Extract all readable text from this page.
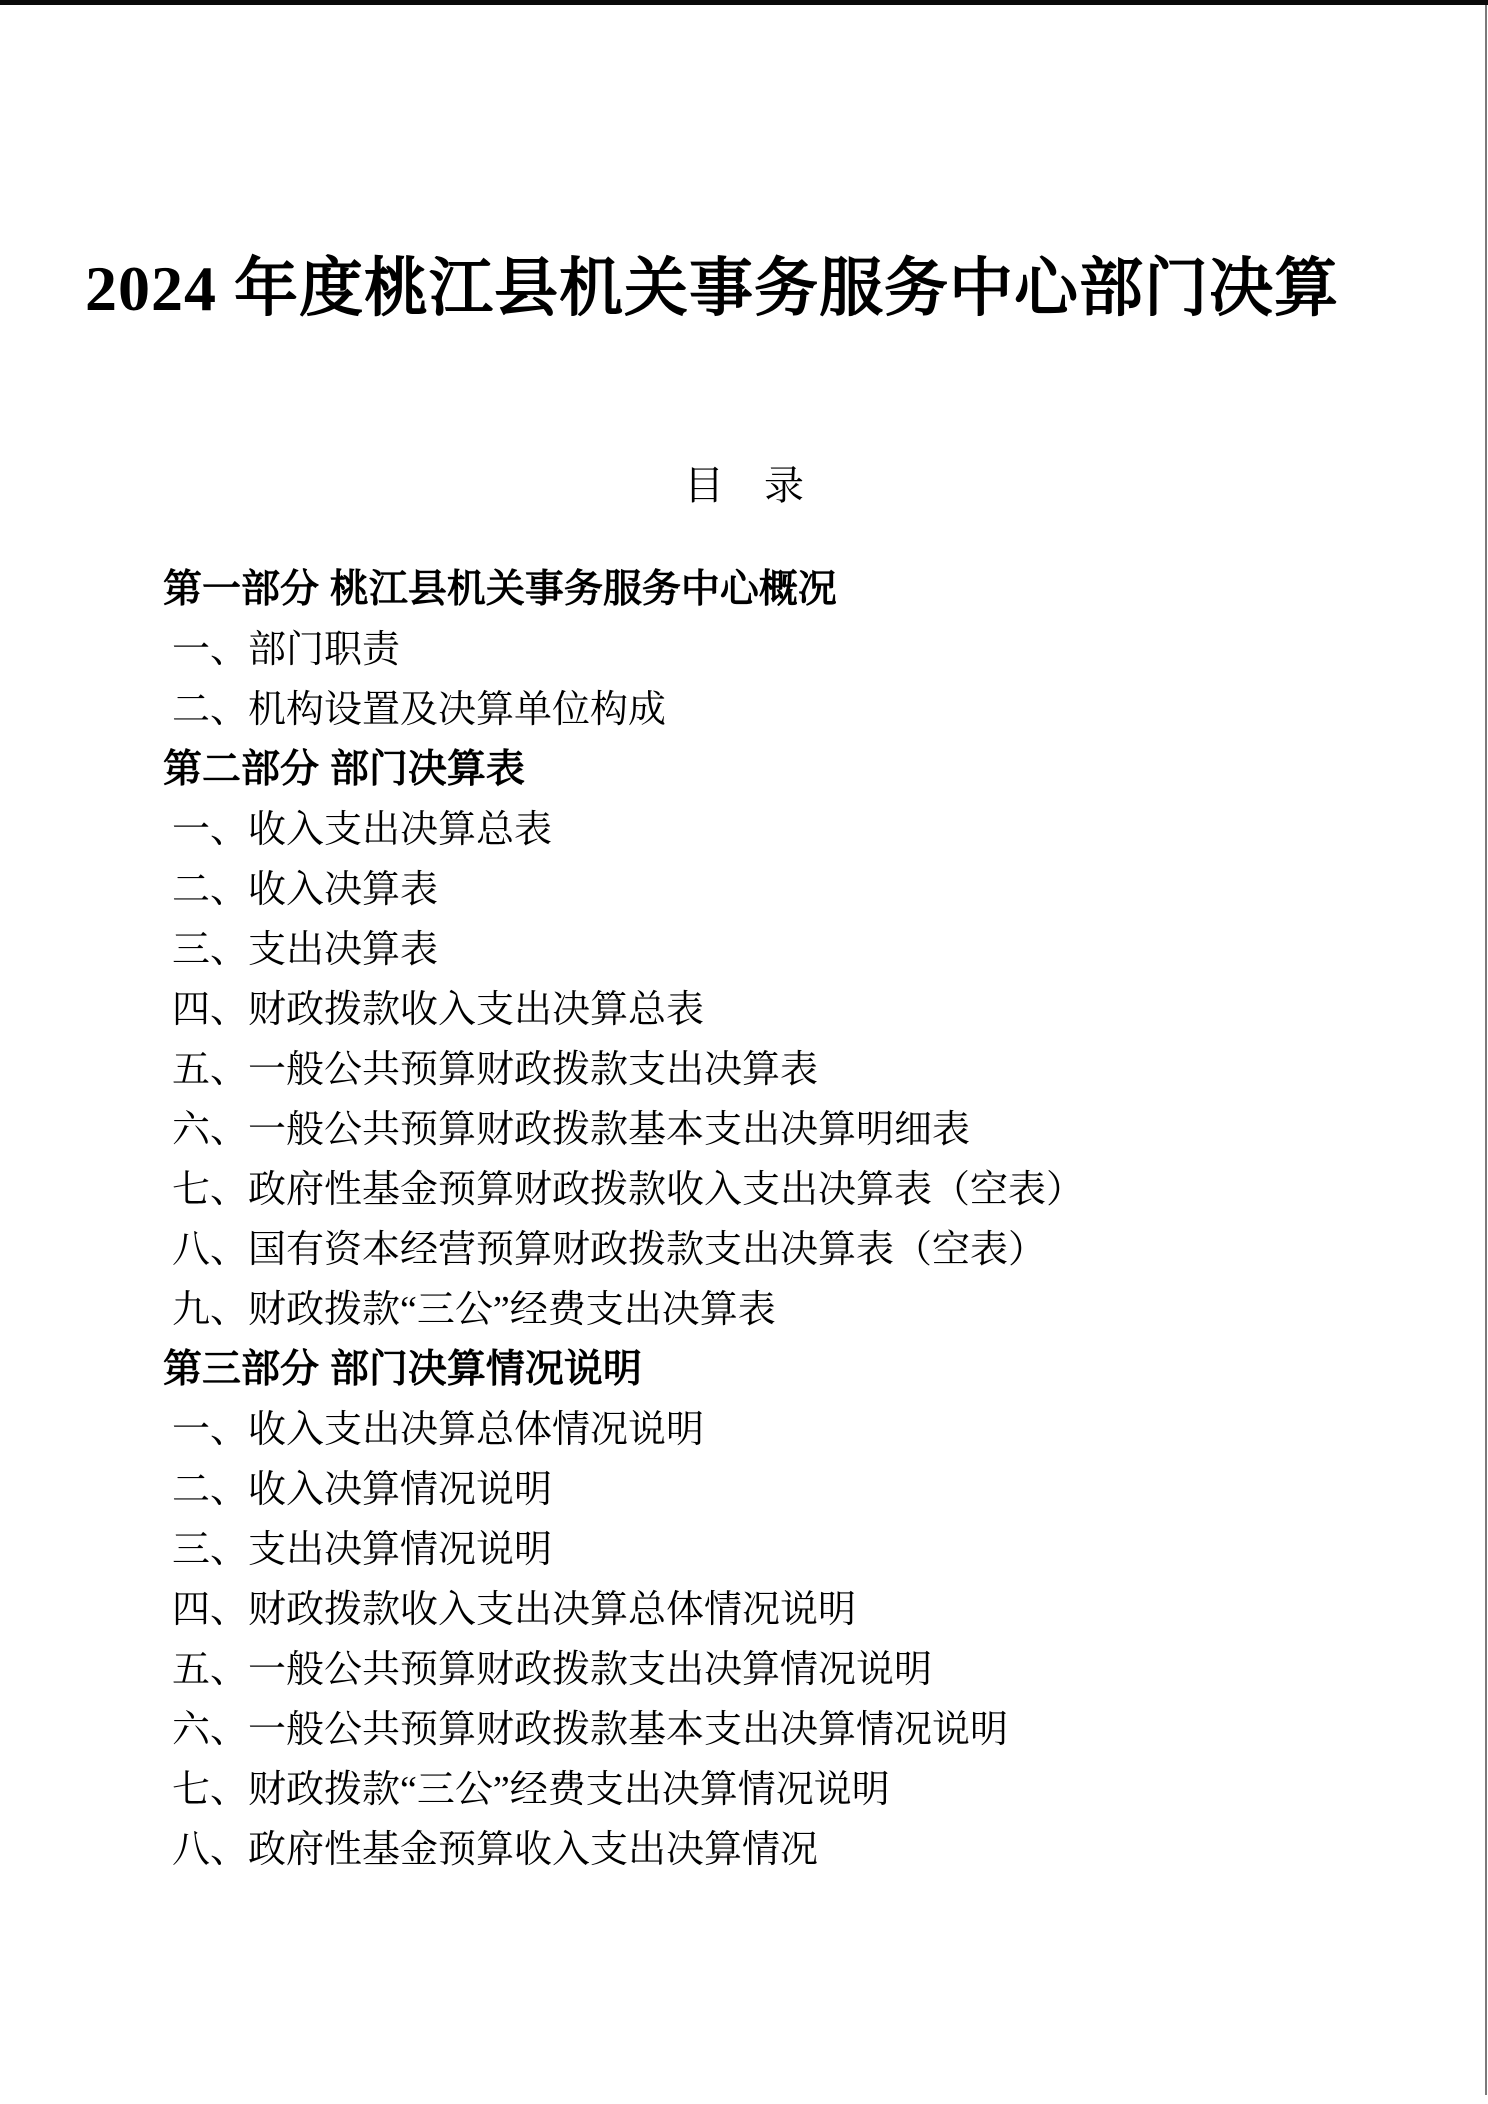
2024 年度桃江县机关事务服务中心部门决算
目　录
第一部分 桃江县机关事务服务中心概况
一、部门职责
二、机构设置及决算单位构成
第二部分 部门决算表
一、收入支出决算总表
二、收入决算表
三、支出决算表
四、财政拨款收入支出决算总表
五、一般公共预算财政拨款支出决算表
六、一般公共预算财政拨款基本支出决算明细表
七、政府性基金预算财政拨款收入支出决算表（空表）
八、国有资本经营预算财政拨款支出决算表（空表）
九、财政拨款“三公”经费支出决算表
第三部分 部门决算情况说明
一、收入支出决算总体情况说明
二、收入决算情况说明
三、支出决算情况说明
四、财政拨款收入支出决算总体情况说明
五、一般公共预算财政拨款支出决算情况说明
六、一般公共预算财政拨款基本支出决算情况说明
七、财政拨款“三公”经费支出决算情况说明
八、政府性基金预算收入支出决算情况
